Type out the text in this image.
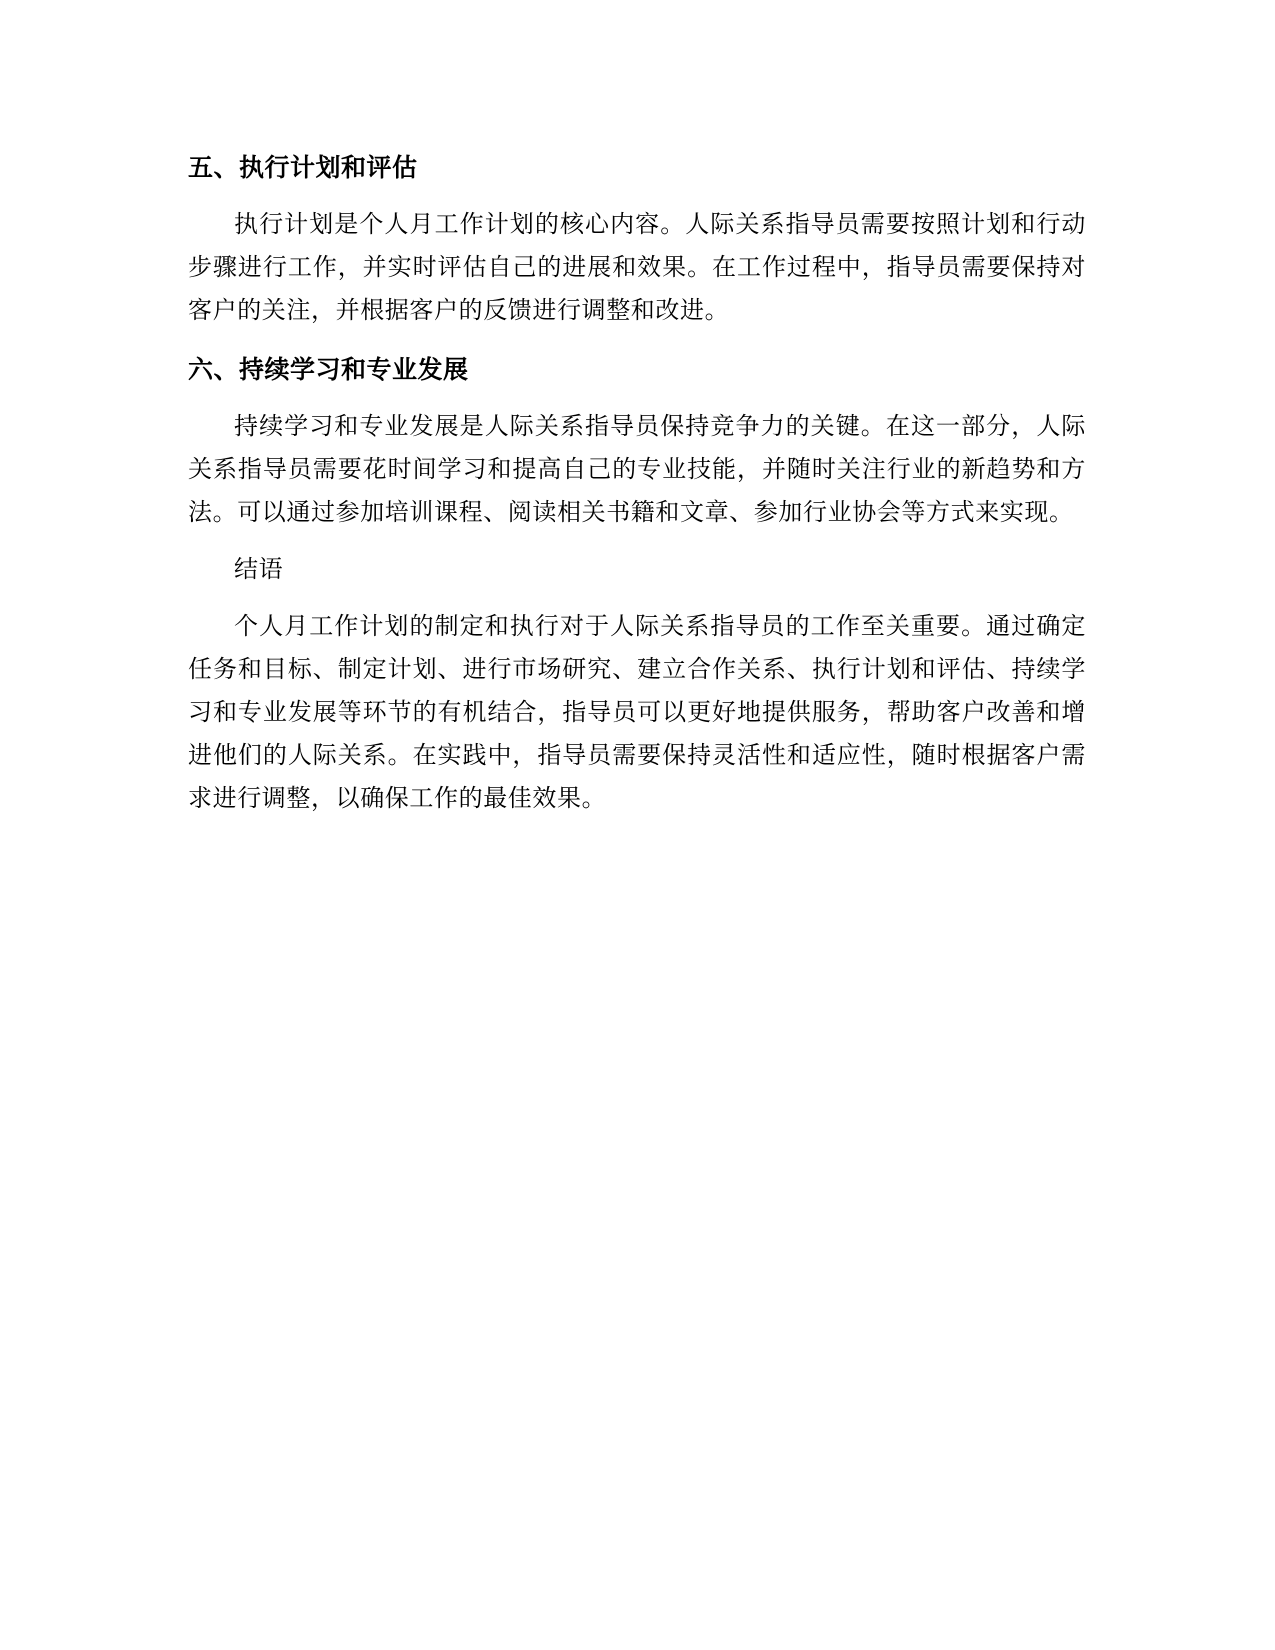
五、执行计划和评估

执行计划是个人月工作计划的核心内容。人际关系指导员需要按照计划和行动步骤进行工作，并实时评估自己的进展和效果。在工作过程中，指导员需要保持对客户的关注，并根据客户的反馈进行调整和改进。

六、持续学习和专业发展

持续学习和专业发展是人际关系指导员保持竞争力的关键。在这一部分，人际关系指导员需要花时间学习和提高自己的专业技能，并随时关注行业的新趋势和方法。可以通过参加培训课程、阅读相关书籍和文章、参加行业协会等方式来实现。

结语

个人月工作计划的制定和执行对于人际关系指导员的工作至关重要。通过确定任务和目标、制定计划、进行市场研究、建立合作关系、执行计划和评估、持续学习和专业发展等环节的有机结合，指导员可以更好地提供服务，帮助客户改善和增进他们的人际关系。在实践中，指导员需要保持灵活性和适应性，随时根据客户需求进行调整，以确保工作的最佳效果。
